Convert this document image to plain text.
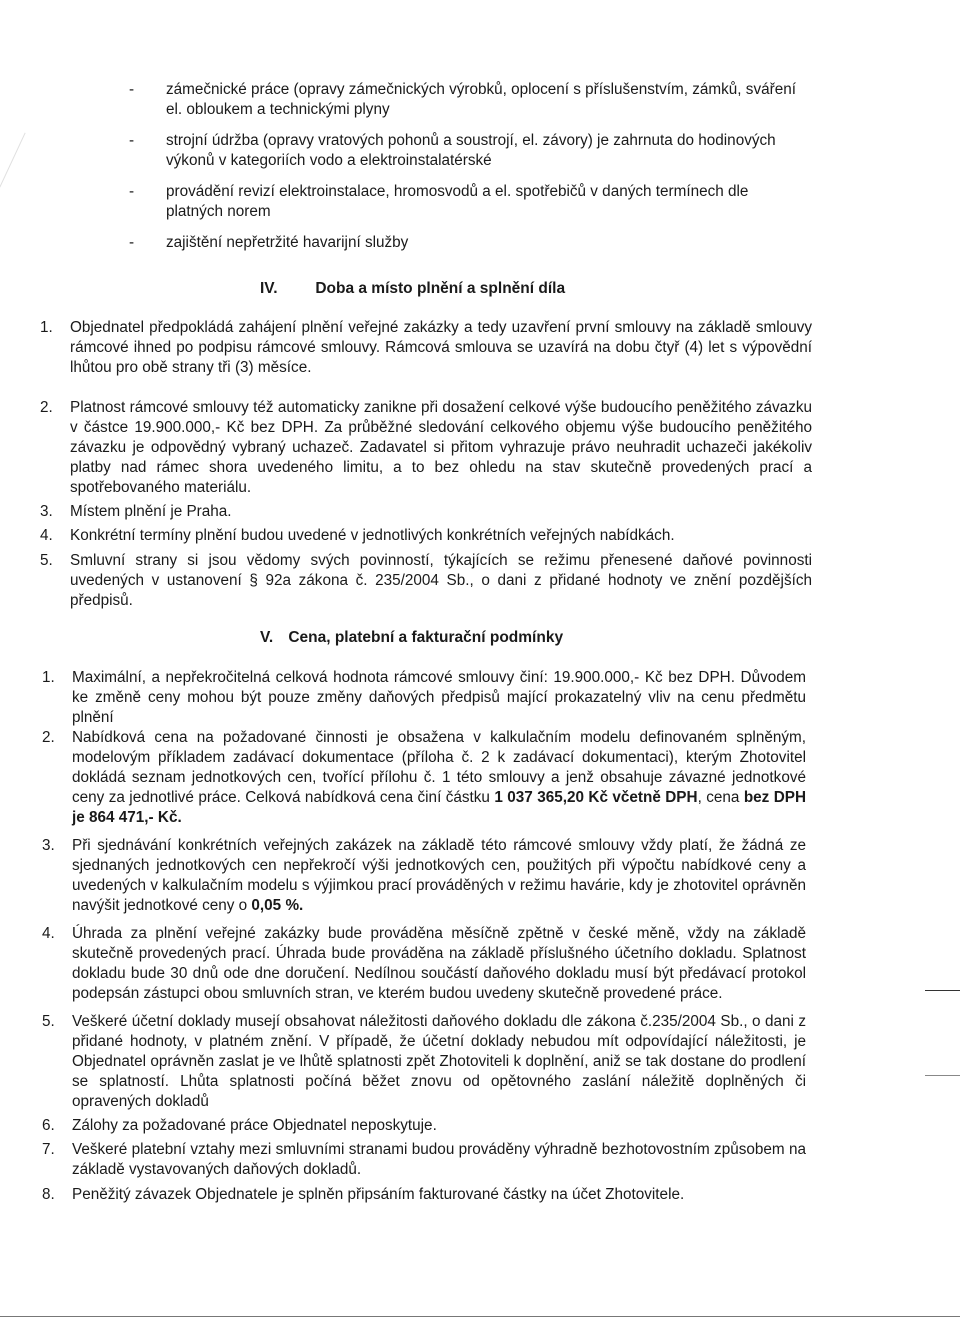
-	zámečnické práce (opravy zámečnických výrobků, oplocení s příslušenstvím, zámků, sváření el. obloukem a technickými plyny
-	strojní údržba (opravy vratových pohonů a soustrojí, el. závory) je zahrnuta do hodinových výkonů v kategoriích vodo a elektroinstalatérské
-	provádění revizí elektroinstalace, hromosvodů a el. spotřebičů v daných termínech dle platných norem
-	zajištění nepřetržité havarijní služby
IV. Doba a místo plnění a splnění díla
1. Objednatel předpokládá zahájení plnění veřejné zakázky a tedy uzavření první smlouvy na základě smlouvy rámcové ihned po podpisu rámcové smlouvy. Rámcová smlouva se uzavírá na dobu čtyř (4) let s výpovědní lhůtou pro obě strany tři (3) měsíce.
2. Platnost rámcové smlouvy též automaticky zanikne při dosažení celkové výše budoucího peněžitého závazku v částce 19.900.000,- Kč bez DPH. Za průběžné sledování celkového objemu výše budoucího peněžitého závazku je odpovědný vybraný uchazeč. Zadavatel si přitom vyhrazuje právo neuhradit uchazeči jakékoliv platby nad rámec shora uvedeného limitu, a to bez ohledu na stav skutečně provedených prací a spotřebovaného materiálu.
3. Místem plnění je Praha.
4. Konkrétní termíny plnění budou uvedené v jednotlivých konkrétních veřejných nabídkách.
5. Smluvní strany si jsou vědomy svých povinností, týkajících se režimu přenesené daňové povinnosti uvedených v ustanovení § 92a zákona č. 235/2004 Sb., o dani z přidané hodnoty ve znění pozdějších předpisů.
V. Cena, platební a fakturační podmínky
1. Maximální, a nepřekročitelná celková hodnota rámcové smlouvy činí: 19.900.000,- Kč bez DPH. Důvodem ke změně ceny mohou být pouze změny daňových předpisů mající prokazatelný vliv na cenu předmětu plnění
2. Nabídková cena na požadované činnosti je obsažena v kalkulačním modelu definovaném splněným, modelovým příkladem zadávací dokumentace (příloha č. 2 k zadávací dokumentaci), kterým Zhotovitel dokládá seznam jednotkových cen, tvořící přílohu č. 1 této smlouvy a jenž obsahuje závazné jednotkové ceny za jednotlivé práce. Celková nabídková cena činí částku 1 037 365,20 Kč včetně DPH, cena bez DPH je 864 471,- Kč.
3. Při sjednávání konkrétních veřejných zakázek na základě této rámcové smlouvy vždy platí, že žádná ze sjednaných jednotkových cen nepřekročí výši jednotkových cen, použitých při výpočtu nabídkové ceny a uvedených v kalkulačním modelu s výjimkou prací prováděných v režimu havárie, kdy je zhotovitel oprávněn navýšit jednotkové ceny o 0,05 %.
4. Úhrada za plnění veřejné zakázky bude prováděna měsíčně zpětně v české měně, vždy na základě skutečně provedených prací. Úhrada bude prováděna na základě příslušného účetního dokladu. Splatnost dokladu bude 30 dnů ode dne doručení. Nedílnou součástí daňového dokladu musí být předávací protokol podepsán zástupci obou smluvních stran, ve kterém budou uvedeny skutečně provedené práce.
5. Veškeré účetní doklady musejí obsahovat náležitosti daňového dokladu dle zákona č.235/2004 Sb., o dani z přidané hodnoty, v platném znění. V případě, že účetní doklady nebudou mít odpovídající náležitosti, je Objednatel oprávněn zaslat je ve lhůtě splatnosti zpět Zhotoviteli k doplnění, aniž se tak dostane do prodlení se splatností. Lhůta splatnosti počíná běžet znovu od opětovného zaslání náležitě doplněných či opravených dokladů
6. Zálohy za požadované práce Objednatel neposkytuje.
7. Veškeré platební vztahy mezi smluvními stranami budou prováděny výhradně bezhotovostním způsobem na základě vystavovaných daňových dokladů.
8. Peněžitý závazek Objednatele je splněn připsáním fakturované částky na účet Zhotovitele.
